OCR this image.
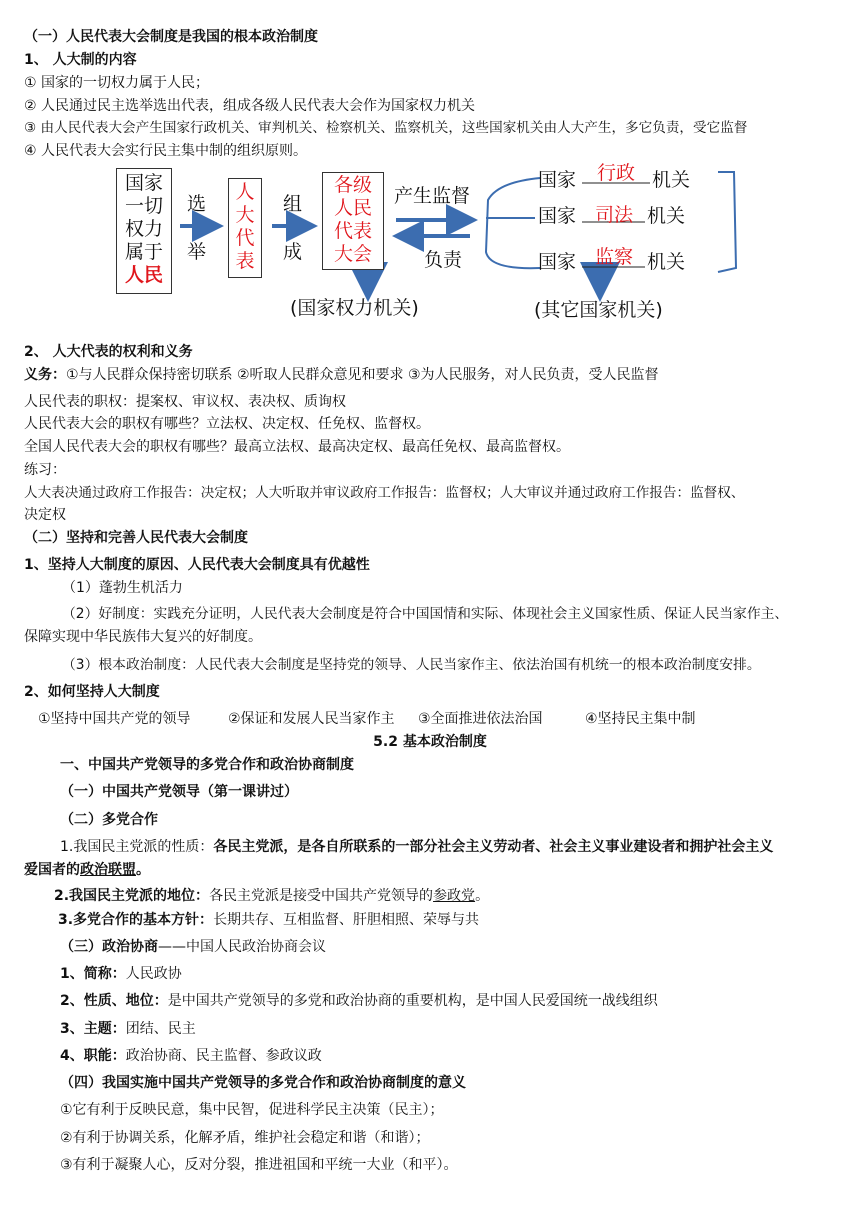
（一）人民代表大会制度是我国的根本政治制度
1、 人大制的内容
① 国家的一切权力属于人民；
② 人民通过民主选举选出代表，组成各级人民代表大会作为国家权力机关
③ 由人民代表大会产生国家行政机关、审判机关、检察机关、监察机关，这些国家机关由人大产生，多它负责，受它监督
④ 人民代表大会实行民主集中制的组织原则。
国家
一切
权力
属于
人民
选
举
人
大
代
表
组
成
各级
人民
代表
大会
产生监督
负责
国家	行政 机关
国家 司法 机关
国家 监察 机关
(国家权力机关)	(其它国家机关)
2、 人大代表的权利和义务
义务：①与人民群众保持密切联系 ②听取人民群众意见和要求 ③为人民服务，对人民负责，受人民监督
人民代表的职权：提案权、审议权、表决权、质询权
人民代表大会的职权有哪些？立法权、决定权、任免权、监督权。
全国人民代表大会的职权有哪些？最高立法权、最高决定权、最高任免权、最高监督权。
练习：
人大表决通过政府工作报告：决定权；人大听取并审议政府工作报告：监督权；人大审议并通过政府工作报告：监督权、
决定权
（二）坚持和完善人民代表大会制度
1、坚持人大制度的原因、人民代表大会制度具有优越性
（1）蓬勃生机活力
（2）好制度：实践充分证明，人民代表大会制度是符合中国国情和实际、体现社会主义国家性质、保证人民当家作主、
保障实现中华民族伟大复兴的好制度。
（3）根本政治制度：人民代表大会制度是坚持党的领导、人民当家作主、依法治国有机统一的根本政治制度安排。
2、如何坚持人大制度
①坚持中国共产党的领导	②保证和发展人民当家作主 ③全面推进依法治国	④坚持民主集中制
5.2 基本政治制度
一、中国共产党领导的多党合作和政治协商制度
（一）中国共产党领导（第一课讲过）
（二）多党合作
1.我国民主党派的性质：各民主党派，是各自所联系的一部分社会主义劳动者、社会主义事业建设者和拥护社会主义
爱国者的政治联盟。
2.我国民主党派的地位：各民主党派是接受中国共产党领导的参政党。
3.多党合作的基本方针：长期共存、互相监督、肝胆相照、荣辱与共
（三）政治协商——中国人民政治协商会议
1、简称：人民政协
2、性质、地位：是中国共产党领导的多党和政治协商的重要机构，是中国人民爱国统一战线组织
3、主题：团结、民主
4、职能：政治协商、民主监督、参政议政
（四）我国实施中国共产党领导的多党合作和政治协商制度的意义
①它有利于反映民意，集中民智，促进科学民主决策（民主）；
②有利于协调关系，化解矛盾，维护社会稳定和谐（和谐）；
③有利于凝聚人心，反对分裂，推进祖国和平统一大业（和平）。
